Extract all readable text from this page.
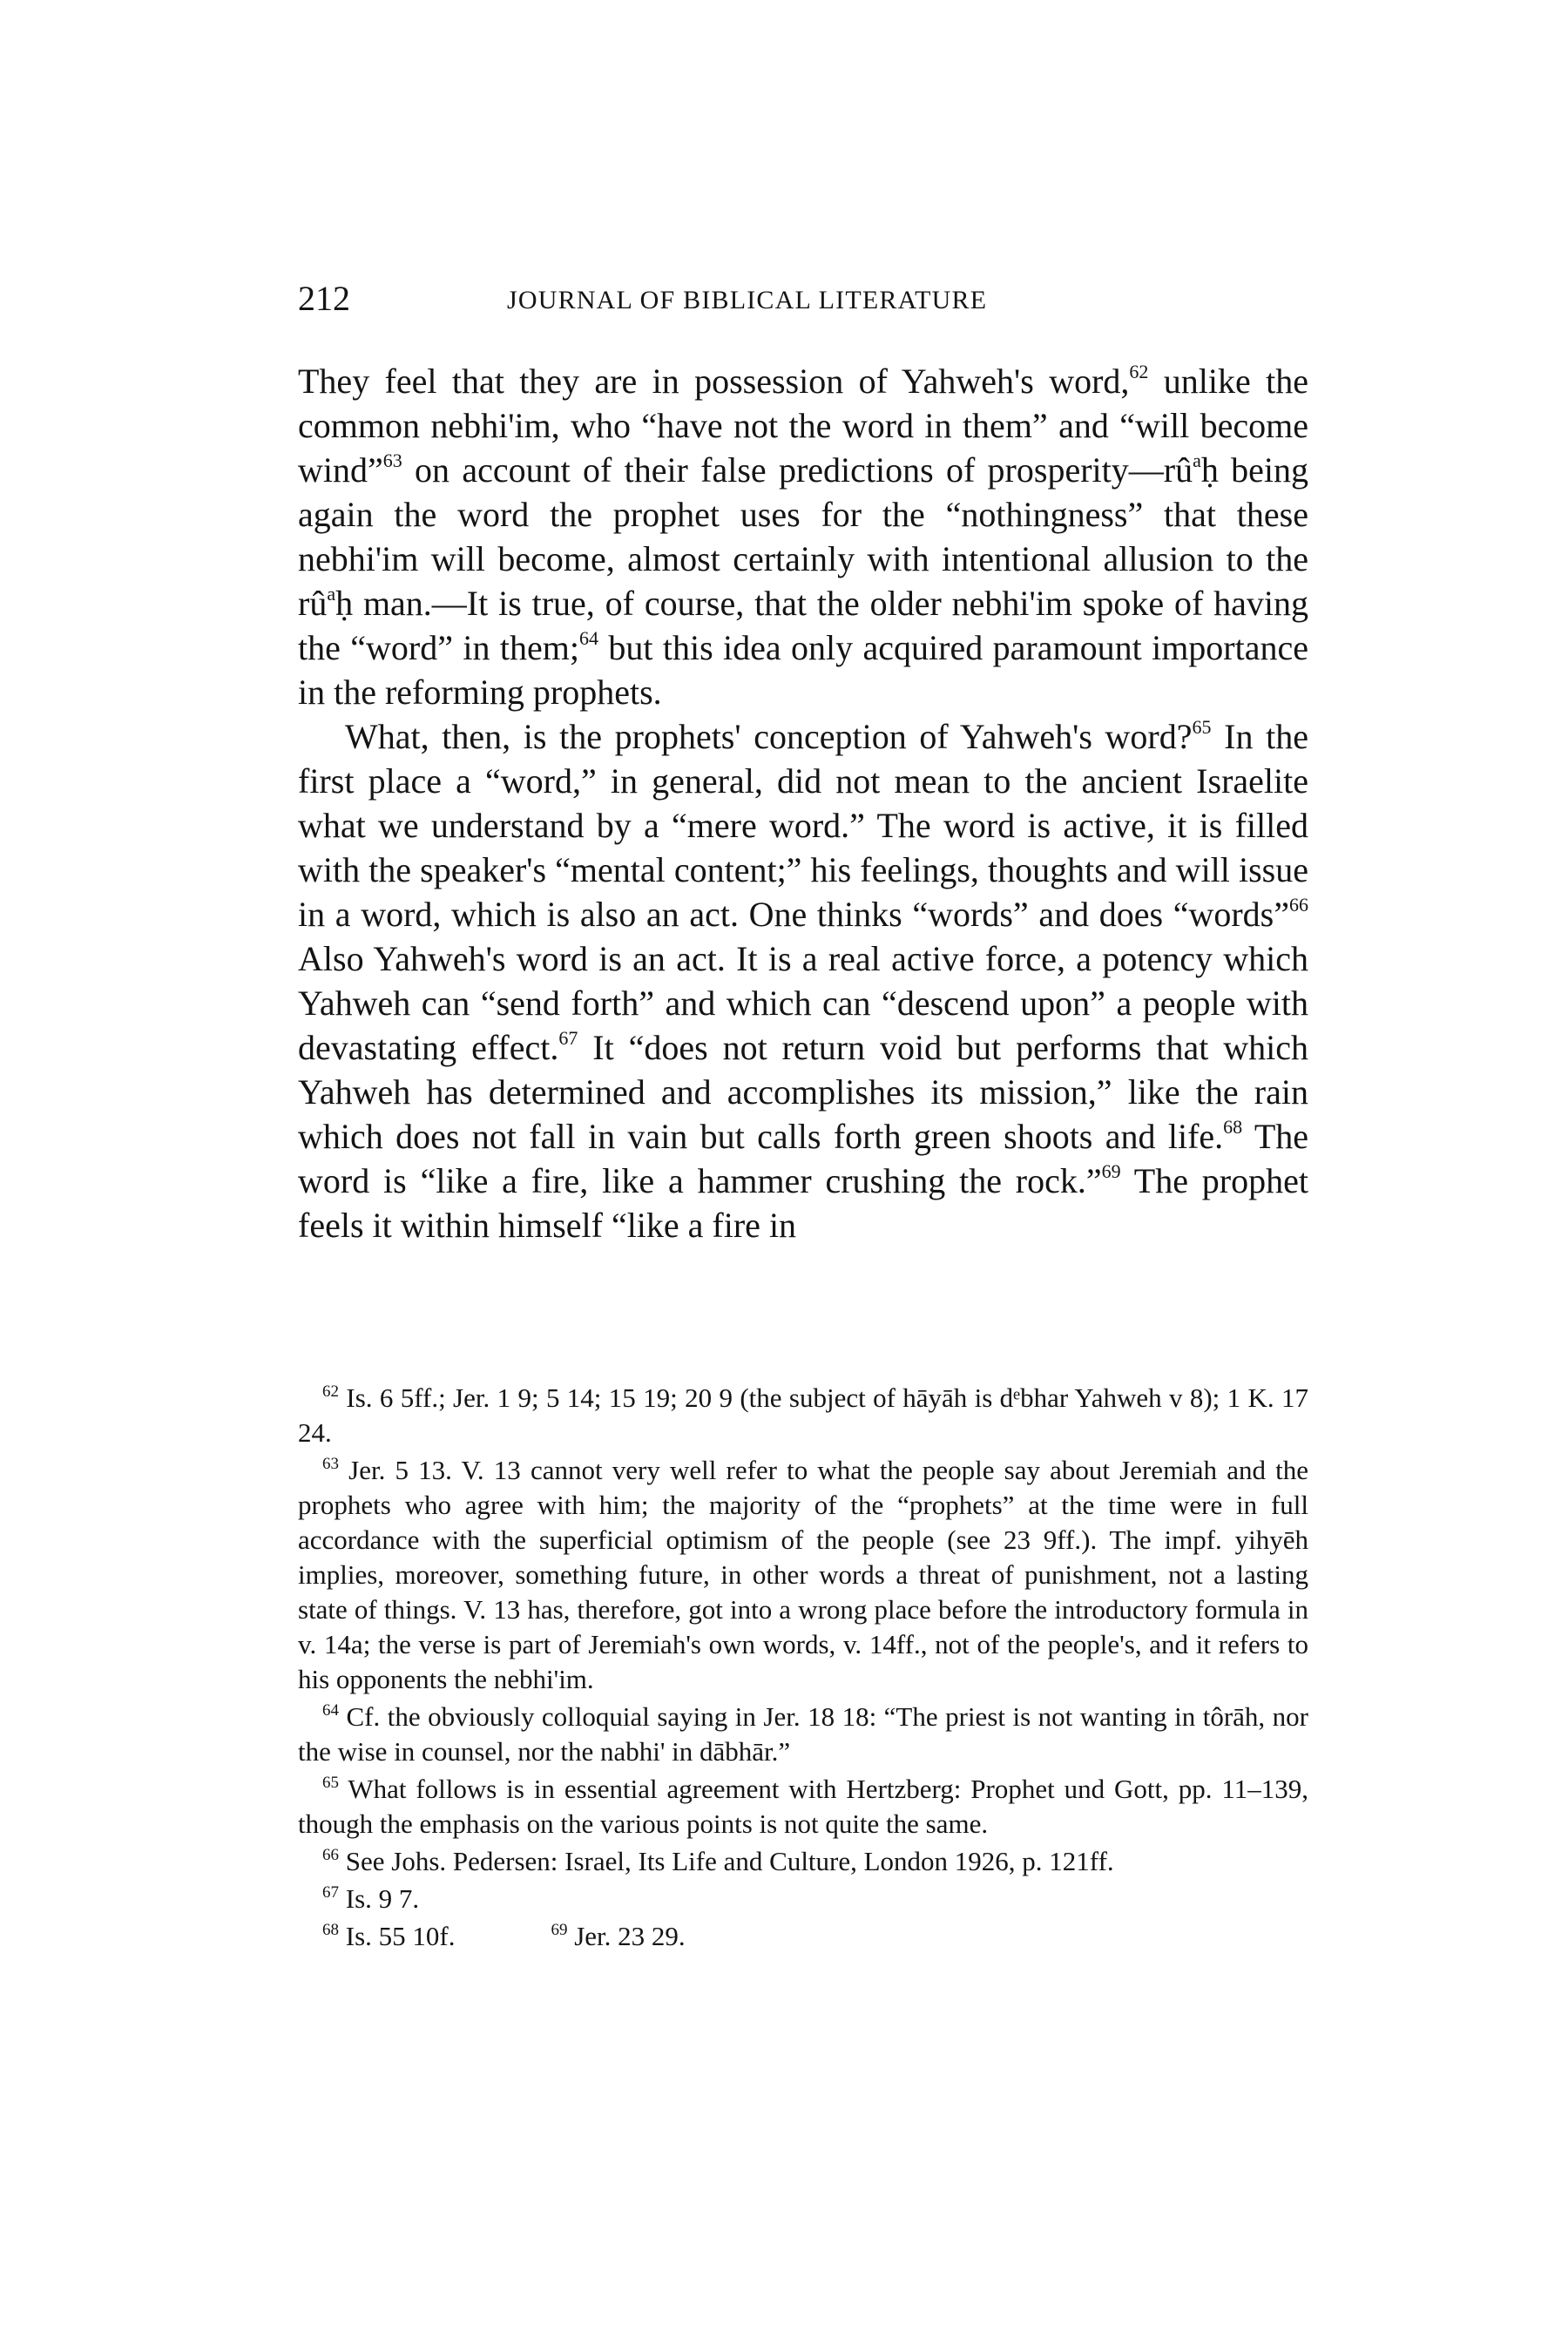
212	JOURNAL OF BIBLICAL LITERATURE

They feel that they are in possession of Yahweh's word,$^{62}$ unlike the common nebhi'im, who “have not the word in them” and “will become wind”$^{63}$ on account of their false predictions of prosperity—rû$^a$ḥ being again the word the prophet uses for the “nothingness” that these nebhi'im will become, almost certainly with intentional allusion to the rû$^a$ḥ man.—It is true, of course, that the older nebhi'im spoke of having the “word” in them;$^{64}$ but this idea only acquired paramount importance in the reforming prophets.

What, then, is the prophets' conception of Yahweh's word?$^{65}$ In the first place a “word,” in general, did not mean to the ancient Israelite what we understand by a “mere word.” The word is active, it is filled with the speaker's “mental content;” his feelings, thoughts and will issue in a word, which is also an act. One thinks “words” and does “words”$^{66}$ Also Yahweh's word is an act. It is a real active force, a potency which Yahweh can “send forth” and which can “descend upon” a people with devastating effect.$^{67}$ It “does not return void but performs that which Yahweh has determined and accomplishes its mission,” like the rain which does not fall in vain but calls forth green shoots and life.$^{68}$ The word is “like a fire, like a hammer crushing the rock.”$^{69}$ The prophet feels it within himself “like a fire in

$^{62}$ Is. 6 5ff.; Jer. 1 9; 5 14; 15 19; 20 9 (the subject of hāyāh is dᵉbhar Yahweh v 8); 1 K. 17 24.

$^{63}$ Jer. 5 13. V. 13 cannot very well refer to what the people say about Jeremiah and the prophets who agree with him; the majority of the “prophets” at the time were in full accordance with the superficial optimism of the people (see 23 9ff.). The impf. yihyēh implies, moreover, something future, in other words a threat of punishment, not a lasting state of things. V. 13 has, therefore, got into a wrong place before the introductory formula in v. 14a; the verse is part of Jeremiah's own words, v. 14ff., not of the people's, and it refers to his opponents the nebhi'im.

$^{64}$ Cf. the obviously colloquial saying in Jer. 18 18: “The priest is not wanting in tôrāh, nor the wise in counsel, nor the nabhi' in dābhār.”

$^{65}$ What follows is in essential agreement with Hertzberg: Prophet und Gott, pp. 11–139, though the emphasis on the various points is not quite the same.

$^{66}$ See Johs. Pedersen: Israel, Its Life and Culture, London 1926, p. 121ff.

$^{67}$ Is. 9 7.

$^{68}$ Is. 55 10f.	$^{69}$ Jer. 23 29.
